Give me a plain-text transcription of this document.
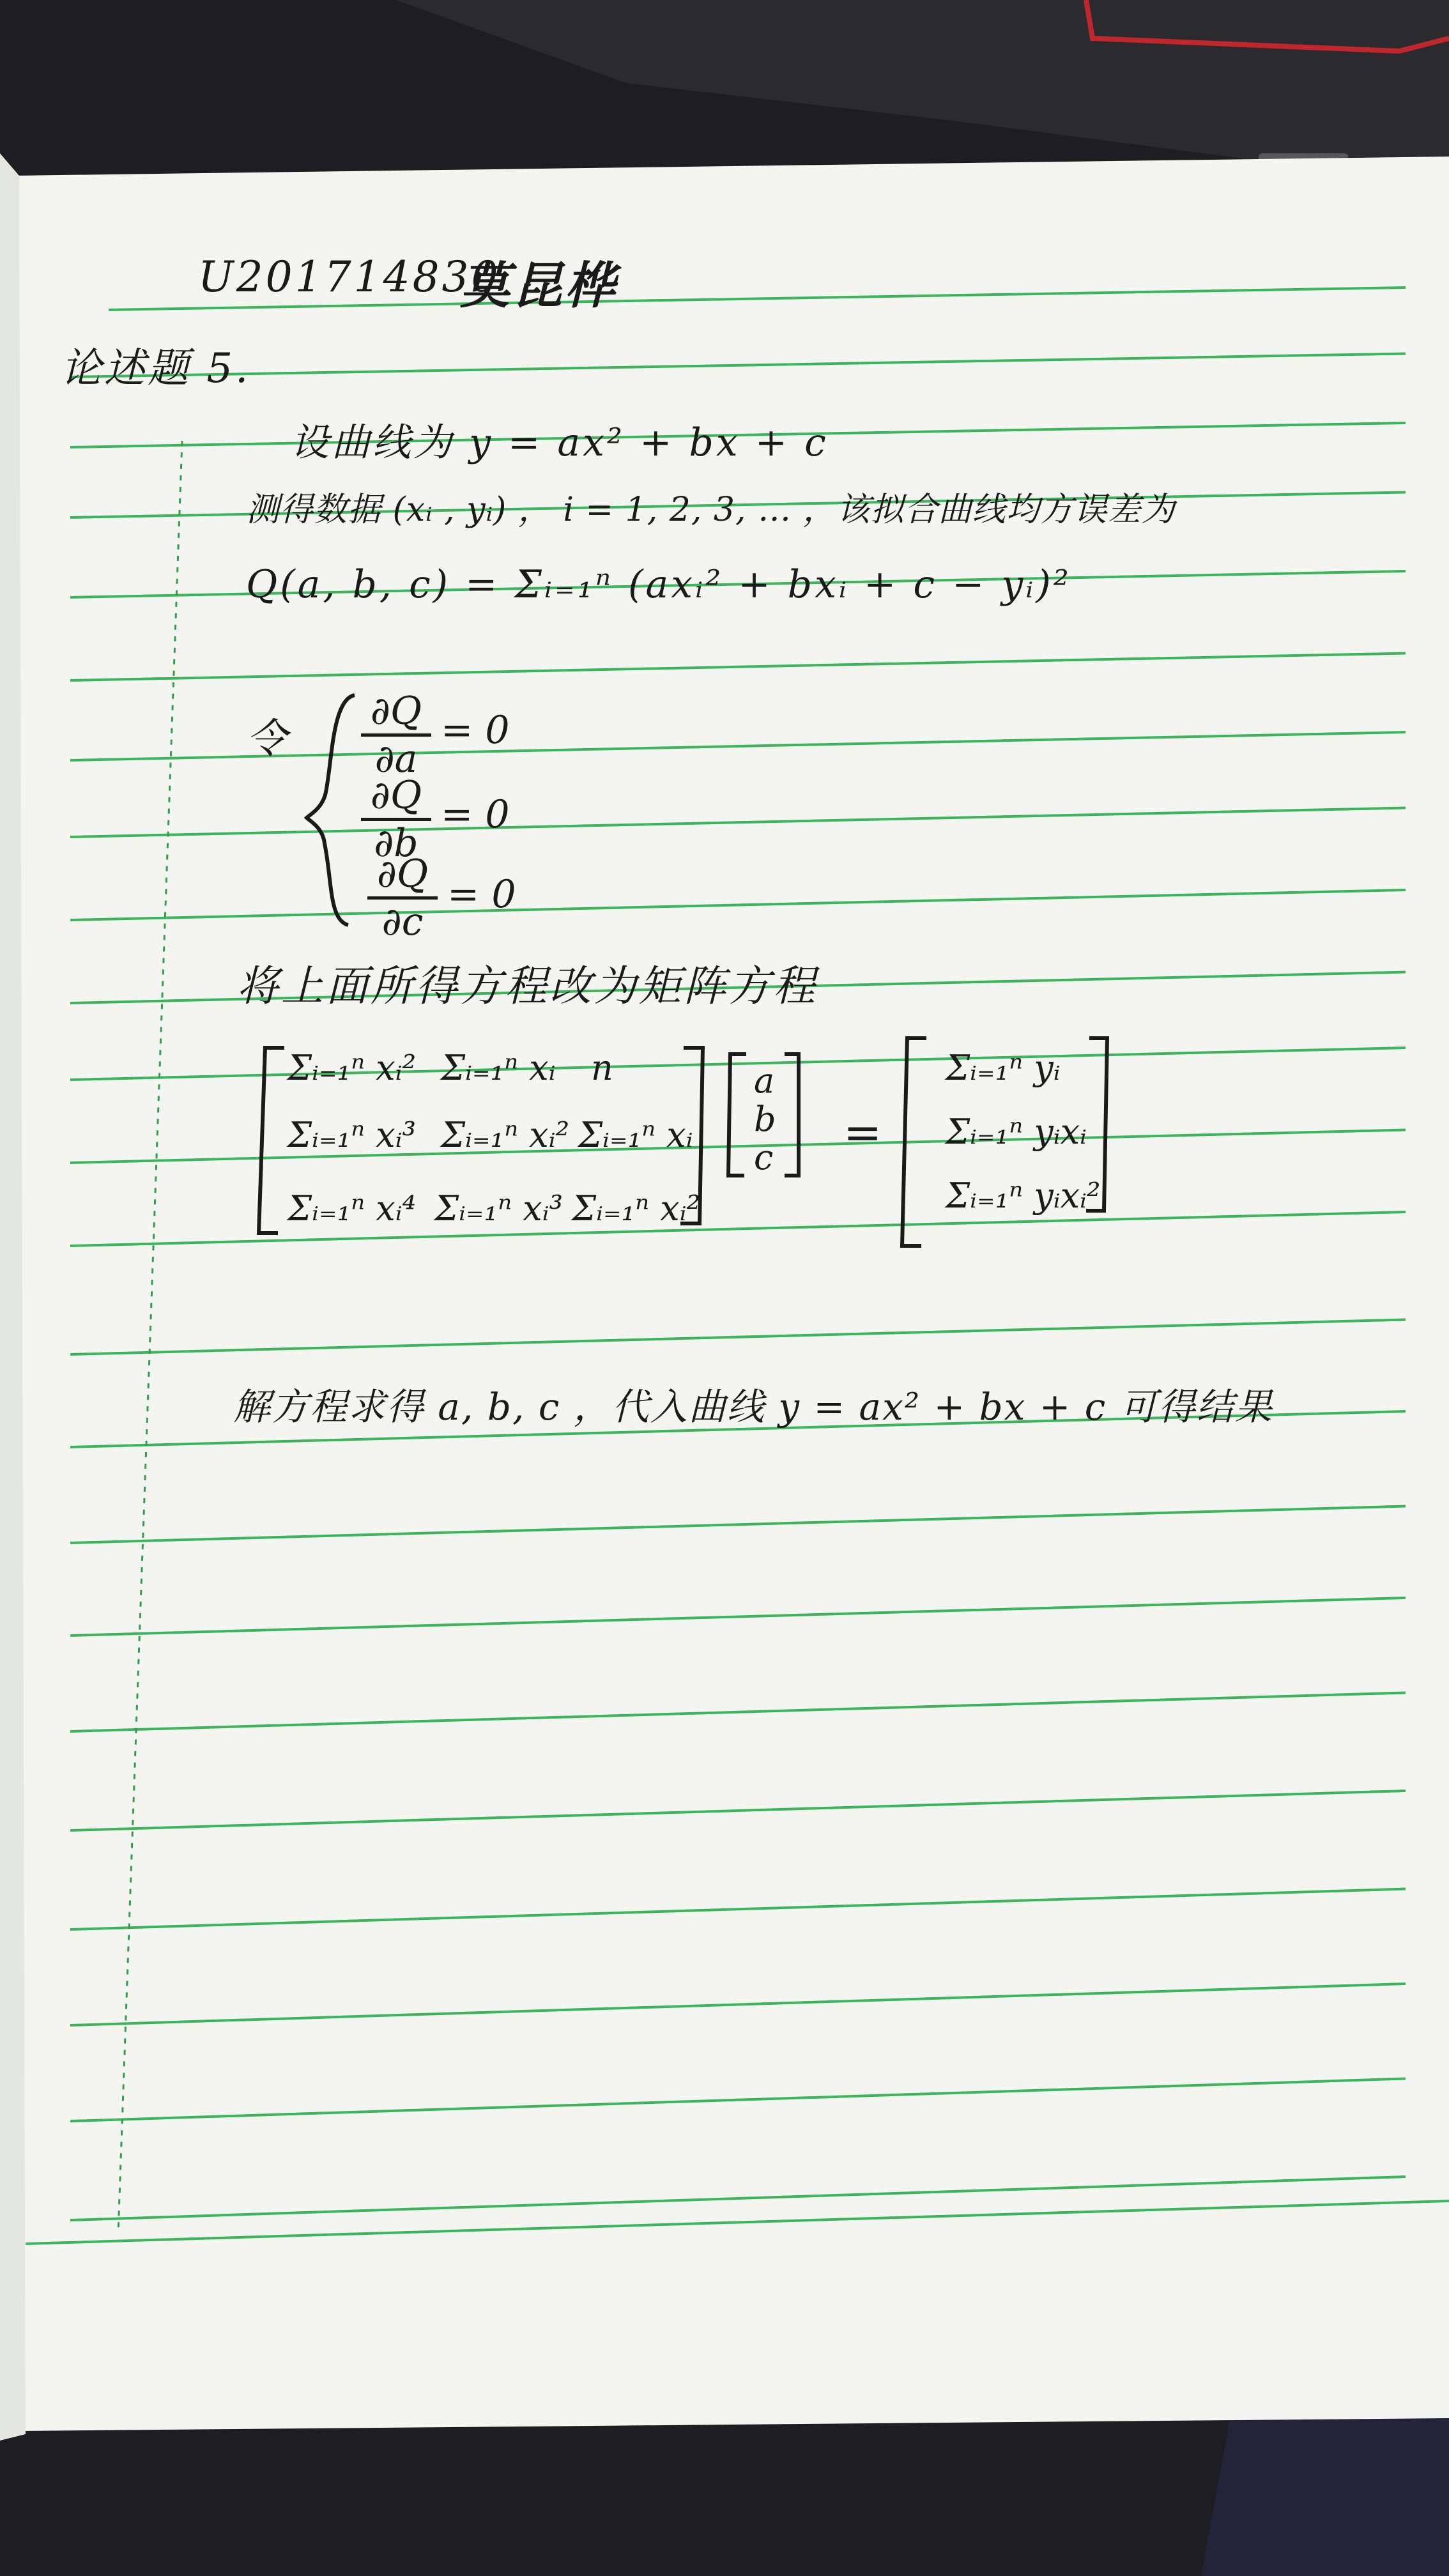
U201714830
莫昆桦
论述题 5.
设曲线为 y = ax² + bx + c
测得数据 (xᵢ , yᵢ) ， i = 1, 2, 3, … ，该拟合曲线均方误差为
Q(a, b, c) = Σᵢ₌₁ⁿ (axᵢ² + bxᵢ + c − yᵢ)²
令
∂Q
∂a
= 0
∂Q
∂b
= 0
∂Q
∂c
= 0
将上面所得方程改为矩阵方程
Σᵢ₌₁ⁿ xᵢ² Σᵢ₌₁ⁿ xᵢ n
Σᵢ₌₁ⁿ xᵢ³ Σᵢ₌₁ⁿ xᵢ² Σᵢ₌₁ⁿ xᵢ
Σᵢ₌₁ⁿ xᵢ⁴ Σᵢ₌₁ⁿ xᵢ³ Σᵢ₌₁ⁿ xᵢ²
a
b
c =
Σᵢ₌₁ⁿ yᵢ
Σᵢ₌₁ⁿ yᵢxᵢ
Σᵢ₌₁ⁿ yᵢxᵢ²
解方程求得 a, b, c ，代入曲线 y = ax² + bx + c 可得结果
